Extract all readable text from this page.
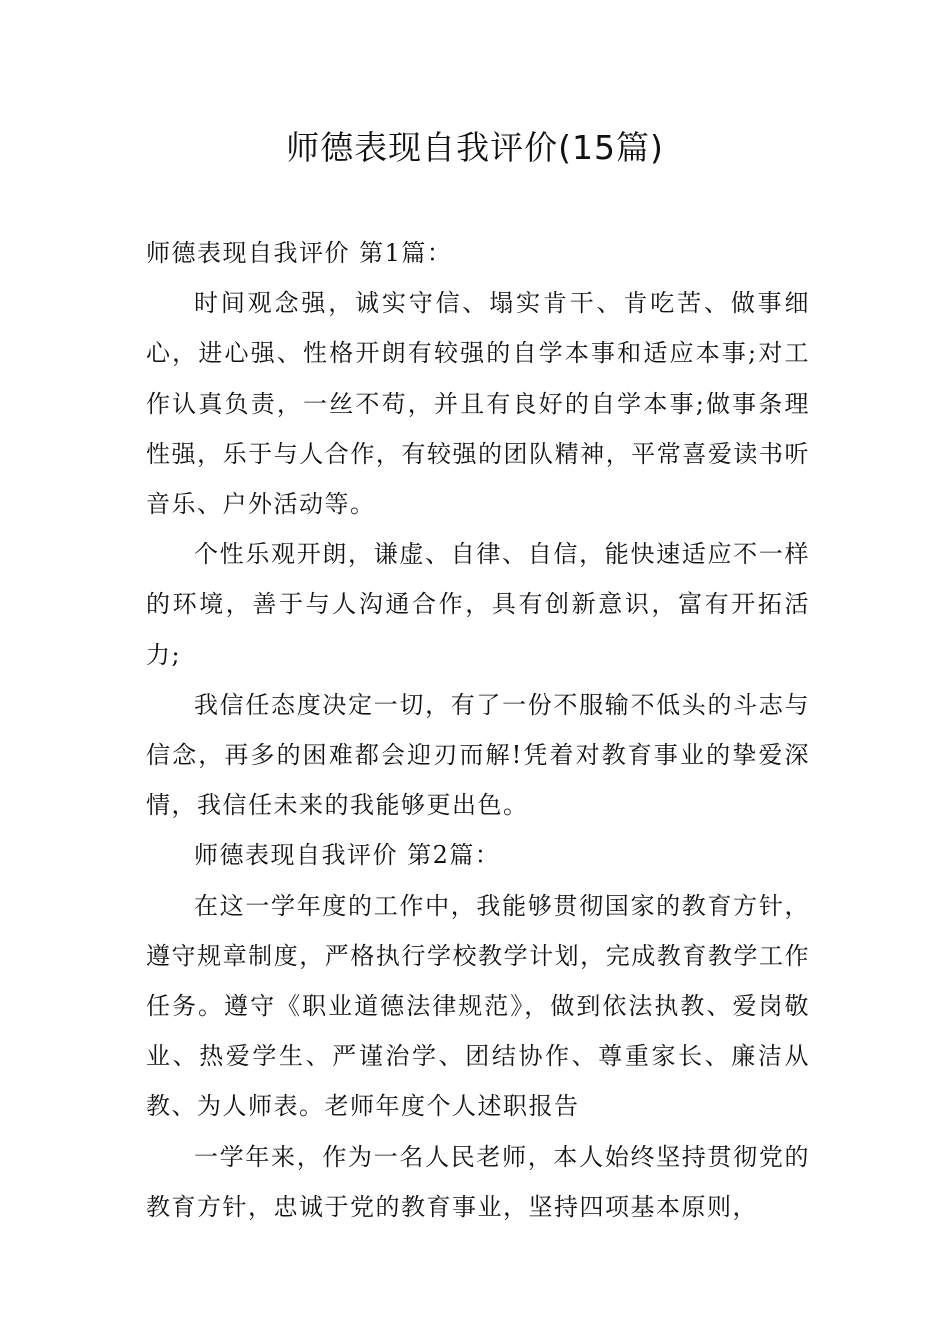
师德表现自我评价(15篇)

师德表现自我评价 第1篇：

时间观念强，诚实守信、塌实肯干、肯吃苦、做事细心，进心强、性格开朗有较强的自学本事和适应本事;对工作认真负责，一丝不苟，并且有良好的自学本事;做事条理性强，乐于与人合作，有较强的团队精神，平常喜爱读书听音乐、户外活动等。

个性乐观开朗，谦虚、自律、自信，能快速适应不一样的环境，善于与人沟通合作，具有创新意识，富有开拓活力;

我信任态度决定一切，有了一份不服输不低头的斗志与信念，再多的困难都会迎刃而解!凭着对教育事业的挚爱深情，我信任未来的我能够更出色。

师德表现自我评价 第2篇：

在这一学年度的工作中，我能够贯彻国家的教育方针，遵守规章制度，严格执行学校教学计划，完成教育教学工作任务。遵守《职业道德法律规范》，做到依法执教、爱岗敬业、热爱学生、严谨治学、团结协作、尊重家长、廉洁从教、为人师表。老师年度个人述职报告

一学年来，作为一名人民老师，本人始终坚持贯彻党的教育方针，忠诚于党的教育事业，坚持四项基本原则，
